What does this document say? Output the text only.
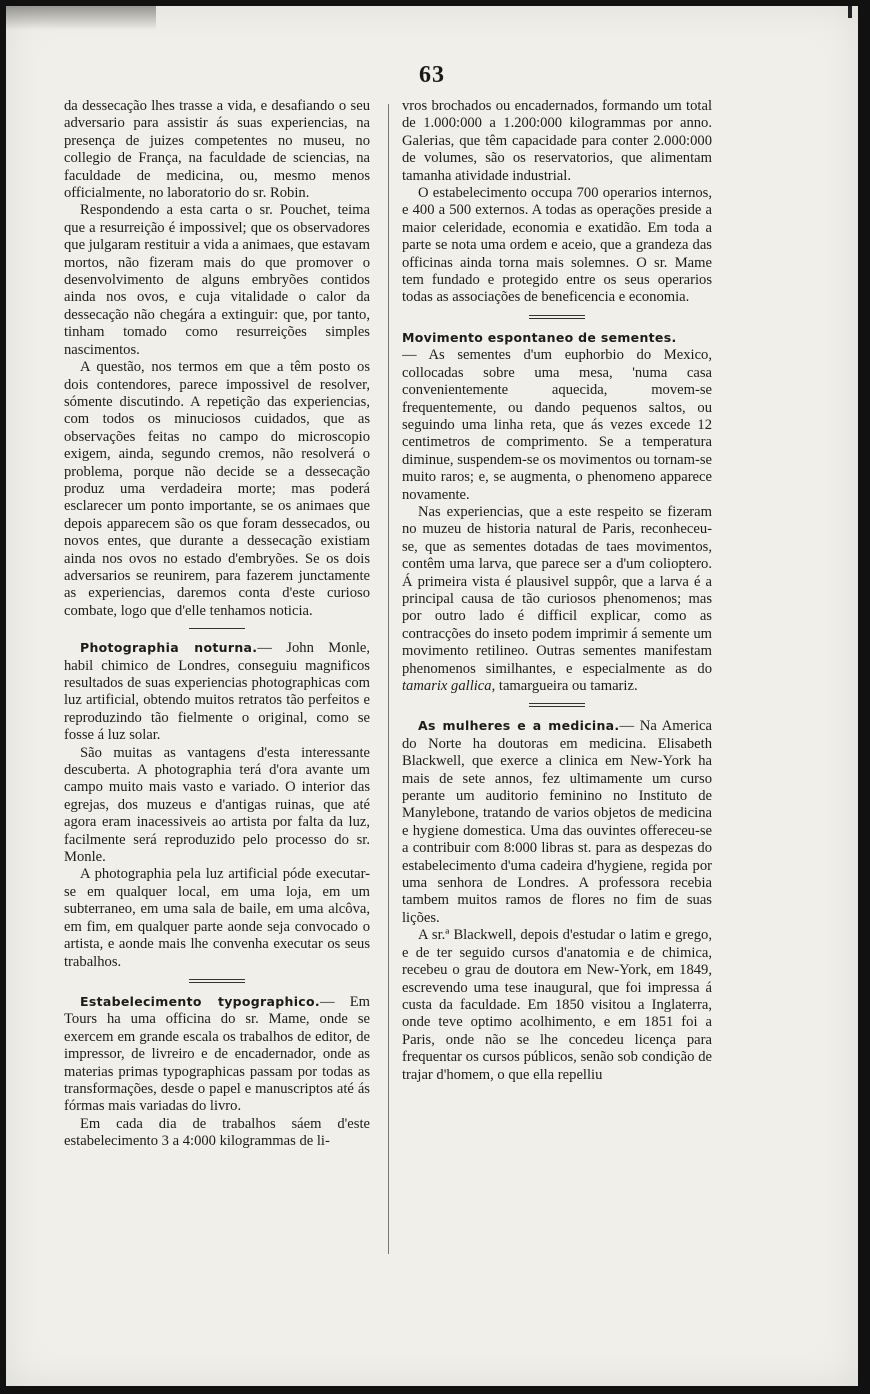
63

da dessecação lhes trasse a vida, e desafiando o seu adversario para assistir ás suas experiencias, na presença de juizes competentes no museu, no collegio de França, na faculdade de sciencias, na faculdade de medicina, ou, mesmo menos officialmente, no laboratorio do sr. Robin.

Respondendo a esta carta o sr. Pouchet, teima que a resurreição é impossivel; que os observadores que julgaram restituir a vida a animaes, que estavam mortos, não fizeram mais do que promover o desenvolvimento de alguns embryões contidos ainda nos ovos, e cuja vitalidade o calor da dessecação não chegára a extinguir: que, por tanto, tinham tomado como resurreições simples nascimentos.

A questão, nos termos em que a têm posto os dois contendores, parece impossivel de resolver, sómente discutindo. A repetição das experiencias, com todos os minuciosos cuidados, que as observações feitas no campo do microscopio exigem, ainda, segundo cremos, não resolverá o problema, porque não decide se a dessecação produz uma verdadeira morte; mas poderá esclarecer um ponto importante, se os animaes que depois apparecem são os que foram dessecados, ou novos entes, que durante a dessecação existiam ainda nos ovos no estado d'embryões. Se os dois adversarios se reunirem, para fazerem junctamente as experiencias, daremos conta d'este curioso combate, logo que d'elle tenhamos noticia.

Photographia noturna.— John Monle, habil chimico de Londres, conseguiu magnificos resultados de suas experiencias photographicas com luz artificial, obtendo muitos retratos tão perfeitos e reproduzindo tão fielmente o original, como se fosse á luz solar.

São muitas as vantagens d'esta interessante descuberta. A photographia terá d'ora avante um campo muito mais vasto e variado. O interior das egrejas, dos muzeus e d'antigas ruinas, que até agora eram inacessiveis ao artista por falta da luz, facilmente será reproduzido pelo processo do sr. Monle.

A photographia pela luz artificial póde executar-se em qualquer local, em uma loja, em um subterraneo, em uma sala de baile, em uma alcôva, em fim, em qualquer parte aonde seja convocado o artista, e aonde mais lhe convenha executar os seus trabalhos.

Estabelecimento typographico.— Em Tours ha uma officina do sr. Mame, onde se exercem em grande escala os trabalhos de editor, de impressor, de livreiro e de encadernador, onde as materias primas typographicas passam por todas as transformações, desde o papel e manuscriptos até ás fórmas mais variadas do livro.

Em cada dia de trabalhos sáem d'este estabelecimento 3 a 4:000 kilogrammas de li-

vros brochados ou encadernados, formando um total de 1.000:000 a 1.200:000 kilogrammas por anno. Galerias, que têm capacidade para conter 2.000:000 de volumes, são os reservatorios, que alimentam tamanha atividade industrial.

O estabelecimento occupa 700 operarios internos, e 400 a 500 externos. A todas as operações preside a maior celeridade, economia e exatidão. Em toda a parte se nota uma ordem e aceio, que a grandeza das officinas ainda torna mais solemnes. O sr. Mame tem fundado e protegido entre os seus operarios todas as associações de beneficencia e economia.

Movimento espontaneo de sementes.

— As sementes d'um euphorbio do Mexico, collocadas sobre uma mesa, 'numa casa convenientemente aquecida, movem-se frequentemente, ou dando pequenos saltos, ou seguindo uma linha reta, que ás vezes excede 12 centimetros de comprimento. Se a temperatura diminue, suspendem-se os movimentos ou tornam-se muito raros; e, se augmenta, o phenomeno apparece novamente.

Nas experiencias, que a este respeito se fizeram no muzeu de historia natural de Paris, reconheceu-se, que as sementes dotadas de taes movimentos, contêm uma larva, que parece ser a d'um colioptero. Á primeira vista é plausivel suppôr, que a larva é a principal causa de tão curiosos phenomenos; mas por outro lado é difficil explicar, como as contracções do inseto podem imprimir á semente um movimento retilineo. Outras sementes manifestam phenomenos similhantes, e especialmente as do tamarix gallica, tamargueira ou tamariz.

As mulheres e a medicina.— Na America do Norte ha doutoras em medicina. Elisabeth Blackwell, que exerce a clinica em New-York ha mais de sete annos, fez ultimamente um curso perante um auditorio feminino no Instituto de Manylebone, tratando de varios objetos de medicina e hygiene domestica. Uma das ouvintes offereceu-se a contribuir com 8:000 libras st. para as despezas do estabelecimento d'uma cadeira d'hygiene, regida por uma senhora de Londres. A professora recebia tambem muitos ramos de flores no fim de suas lições.

A sr.ª Blackwell, depois d'estudar o latim e grego, e de ter seguido cursos d'anatomia e de chimica, recebeu o grau de doutora em New-York, em 1849, escrevendo uma tese inaugural, que foi impressa á custa da faculdade. Em 1850 visitou a Inglaterra, onde teve optimo acolhimento, e em 1851 foi a Paris, onde não se lhe concedeu licença para frequentar os cursos públicos, senão sob condição de trajar d'homem, o que ella repelliu
